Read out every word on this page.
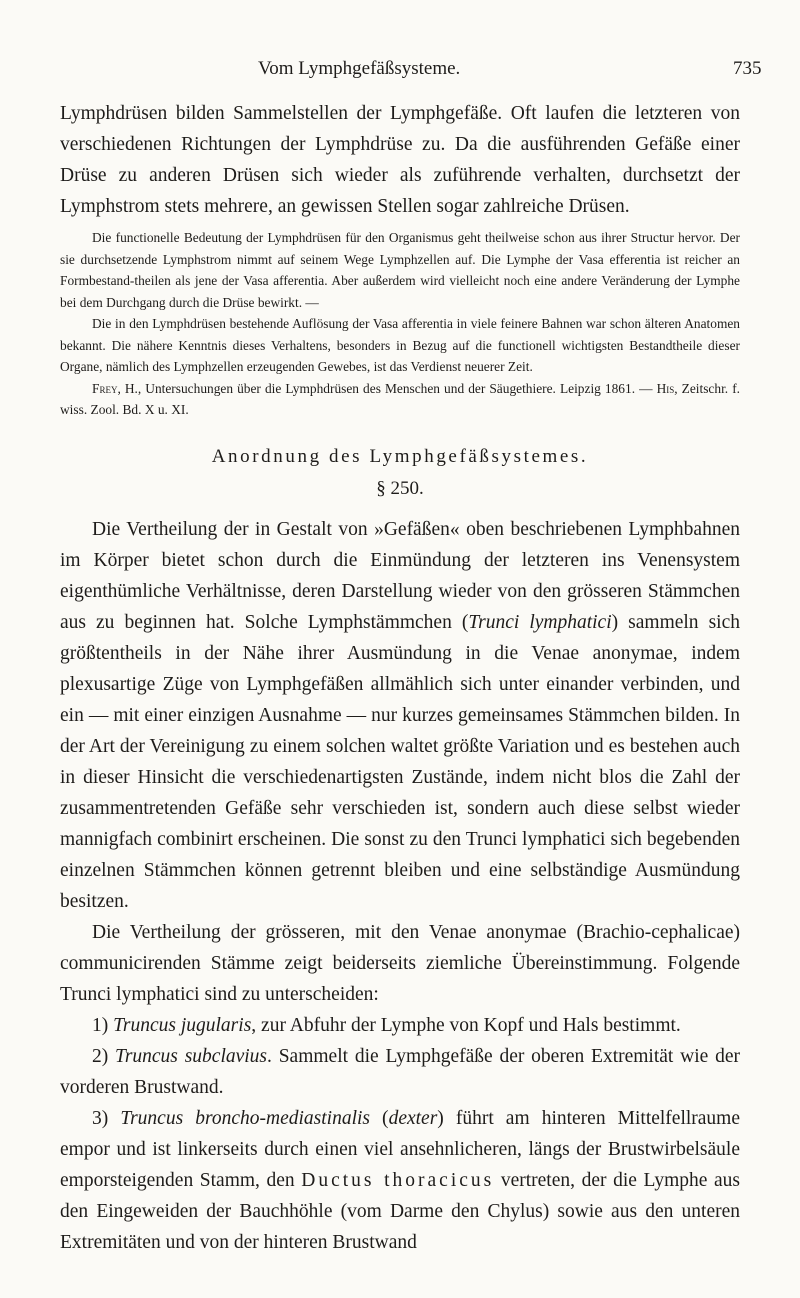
Vom Lymphgefäßsysteme.	735

Lymphdrüsen bilden Sammelstellen der Lymphgefäße. Oft laufen die letzteren von verschiedenen Richtungen der Lymphdrüse zu. Da die ausführenden Gefäße einer Drüse zu anderen Drüsen sich wieder als zuführende verhalten, durchsetzt der Lymphstrom stets mehrere, an gewissen Stellen sogar zahlreiche Drüsen.

Die functionelle Bedeutung der Lymphdrüsen für den Organismus geht theilweise schon aus ihrer Structur hervor. Der sie durchsetzende Lymphstrom nimmt auf seinem Wege Lymphzellen auf. Die Lymphe der Vasa efferentia ist reicher an Formbestand-theilen als jene der Vasa afferentia. Aber außerdem wird vielleicht noch eine andere Veränderung der Lymphe bei dem Durchgang durch die Drüse bewirkt. —

Die in den Lymphdrüsen bestehende Auflösung der Vasa afferentia in viele feinere Bahnen war schon älteren Anatomen bekannt. Die nähere Kenntnis dieses Verhaltens, besonders in Bezug auf die functionell wichtigsten Bestandtheile dieser Organe, nämlich des Lymphzellen erzeugenden Gewebes, ist das Verdienst neuerer Zeit.

Frey, H., Untersuchungen über die Lymphdrüsen des Menschen und der Säugethiere. Leipzig 1861. — His, Zeitschr. f. wiss. Zool. Bd. X u. XI.

Anordnung des Lymphgefäßsystemes.
§ 250.

Die Vertheilung der in Gestalt von »Gefäßen« oben beschriebenen Lymphbahnen im Körper bietet schon durch die Einmündung der letzteren ins Venensystem eigenthümliche Verhältnisse, deren Darstellung wieder von den grösseren Stämmchen aus zu beginnen hat. Solche Lymphstämmchen (Trunci lymphatici) sammeln sich größtentheils in der Nähe ihrer Ausmündung in die Venae anonymae, indem plexusartige Züge von Lymphgefäßen allmählich sich unter einander verbinden, und ein — mit einer einzigen Ausnahme — nur kurzes gemeinsames Stämmchen bilden. In der Art der Vereinigung zu einem solchen waltet größte Variation und es bestehen auch in dieser Hinsicht die verschiedenartigsten Zustände, indem nicht blos die Zahl der zusammentretenden Gefäße sehr verschieden ist, sondern auch diese selbst wieder mannigfach combinirt erscheinen. Die sonst zu den Trunci lymphatici sich begebenden einzelnen Stämmchen können getrennt bleiben und eine selbständige Ausmündung besitzen.

Die Vertheilung der grösseren, mit den Venae anonymae (Brachio-cephalicae) communicirenden Stämme zeigt beiderseits ziemliche Übereinstimmung. Folgende Trunci lymphatici sind zu unterscheiden:

1) Truncus jugularis, zur Abfuhr der Lymphe von Kopf und Hals bestimmt.

2) Truncus subclavius. Sammelt die Lymphgefäße der oberen Extremität wie der vorderen Brustwand.

3) Truncus broncho-mediastinalis (dexter) führt am hinteren Mittelfellraume empor und ist linkerseits durch einen viel ansehnlicheren, längs der Brustwirbelsäule emporsteigenden Stamm, den Ductus thoracicus vertreten, der die Lymphe aus den Eingeweiden der Bauchhöhle (vom Darme den Chylus) sowie aus den unteren Extremitäten und von der hinteren Brustwand
